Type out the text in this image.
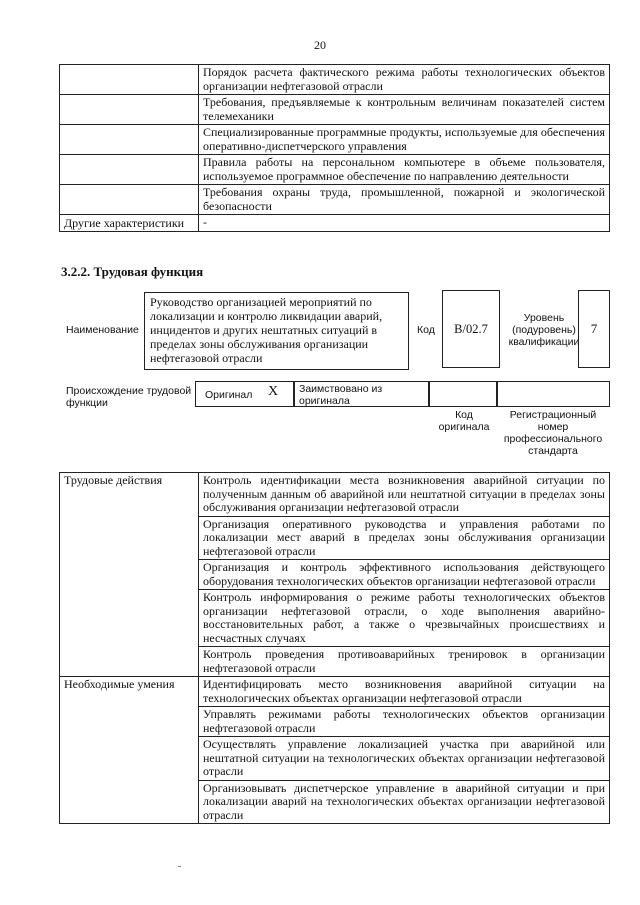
20
	Порядок расчета фактического режима работы технологических объектов организации нефтегазовой отрасли
	Требования, предъявляемые к контрольным величинам показателей систем телемеханики
	Специализированные программные продукты, используемые для обеспечения оперативно-диспетчерского управления
	Правила работы на персональном компьютере в объеме пользователя, используемое программное обеспечение по направлению деятельности
	Требования охраны труда, промышленной, пожарной и экологической безопасности
Другие характеристики	-
3.2.2. Трудовая функция
Наименование
Руководство организацией мероприятий по локализации и контролю ликвидации аварий, инцидентов и других нештатных ситуаций в пределах зоны обслуживания организации нефтегазовой отрасли
Код В/02.7
Уровень (подуровень) квалификации
7
Происхождение трудовой функции
Оригинал X	Заимствовано из оригинала
Код оригинала
Регистрационный номер профессионального стандарта
Трудовые действия	Контроль идентификации места возникновения аварийной ситуации по полученным данным об аварийной или нештатной ситуации в пределах зоны обслуживания организации нефтегазовой отрасли
	Организация оперативного руководства и управления работами по локализации мест аварий в пределах зоны обслуживания организации нефтегазовой отрасли
	Организация и контроль эффективного использования действующего оборудования технологических объектов организации нефтегазовой отрасли
	Контроль информирования о режиме работы технологических объектов организации нефтегазовой отрасли, о ходе выполнения аварийно-восстановительных работ, а также о чрезвычайных происшествиях и несчастных случаях
	Контроль проведения противоаварийных тренировок в организации нефтегазовой отрасли
Необходимые умения	Идентифицировать место возникновения аварийной ситуации на технологических объектах организации нефтегазовой отрасли
	Управлять режимами работы технологических объектов организации нефтегазовой отрасли
	Осуществлять управление локализацией участка при аварийной или нештатной ситуации на технологических объектах организации нефтегазовой отрасли
	Организовывать диспетчерское управление в аварийной ситуации и при локализации аварий на технологических объектах организации нефтегазовой отрасли
